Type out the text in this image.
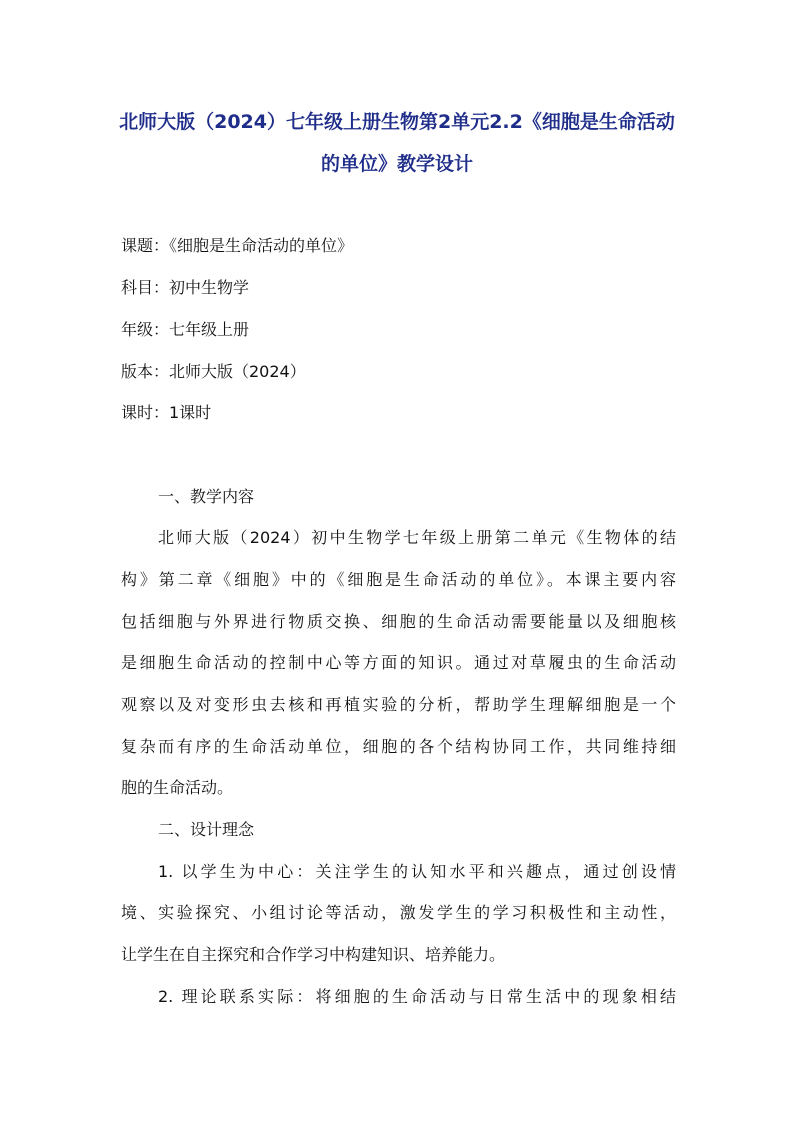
北师大版（2024）七年级上册生物第2单元2.2《细胞是生命活动
的单位》教学设计
课题：《细胞是生命活动的单位》
科目：初中生物学
年级：七年级上册
版本：北师大版（2024）
课时：1课时
一、教学内容
北师大版（2024）初中生物学七年级上册第二单元《生物体的结
构》第二章《细胞》中的《细胞是生命活动的单位》。本课主要内容
包括细胞与外界进行物质交换、细胞的生命活动需要能量以及细胞核
是细胞生命活动的控制中心等方面的知识。通过对草履虫的生命活动
观察以及对变形虫去核和再植实验的分析，帮助学生理解细胞是一个
复杂而有序的生命活动单位，细胞的各个结构协同工作，共同维持细
胞的生命活动。
二、设计理念
1. 以学生为中心：关注学生的认知水平和兴趣点，通过创设情
境、实验探究、小组讨论等活动，激发学生的学习积极性和主动性，
让学生在自主探究和合作学习中构建知识、培养能力。
2. 理论联系实际：将细胞的生命活动与日常生活中的现象相结
